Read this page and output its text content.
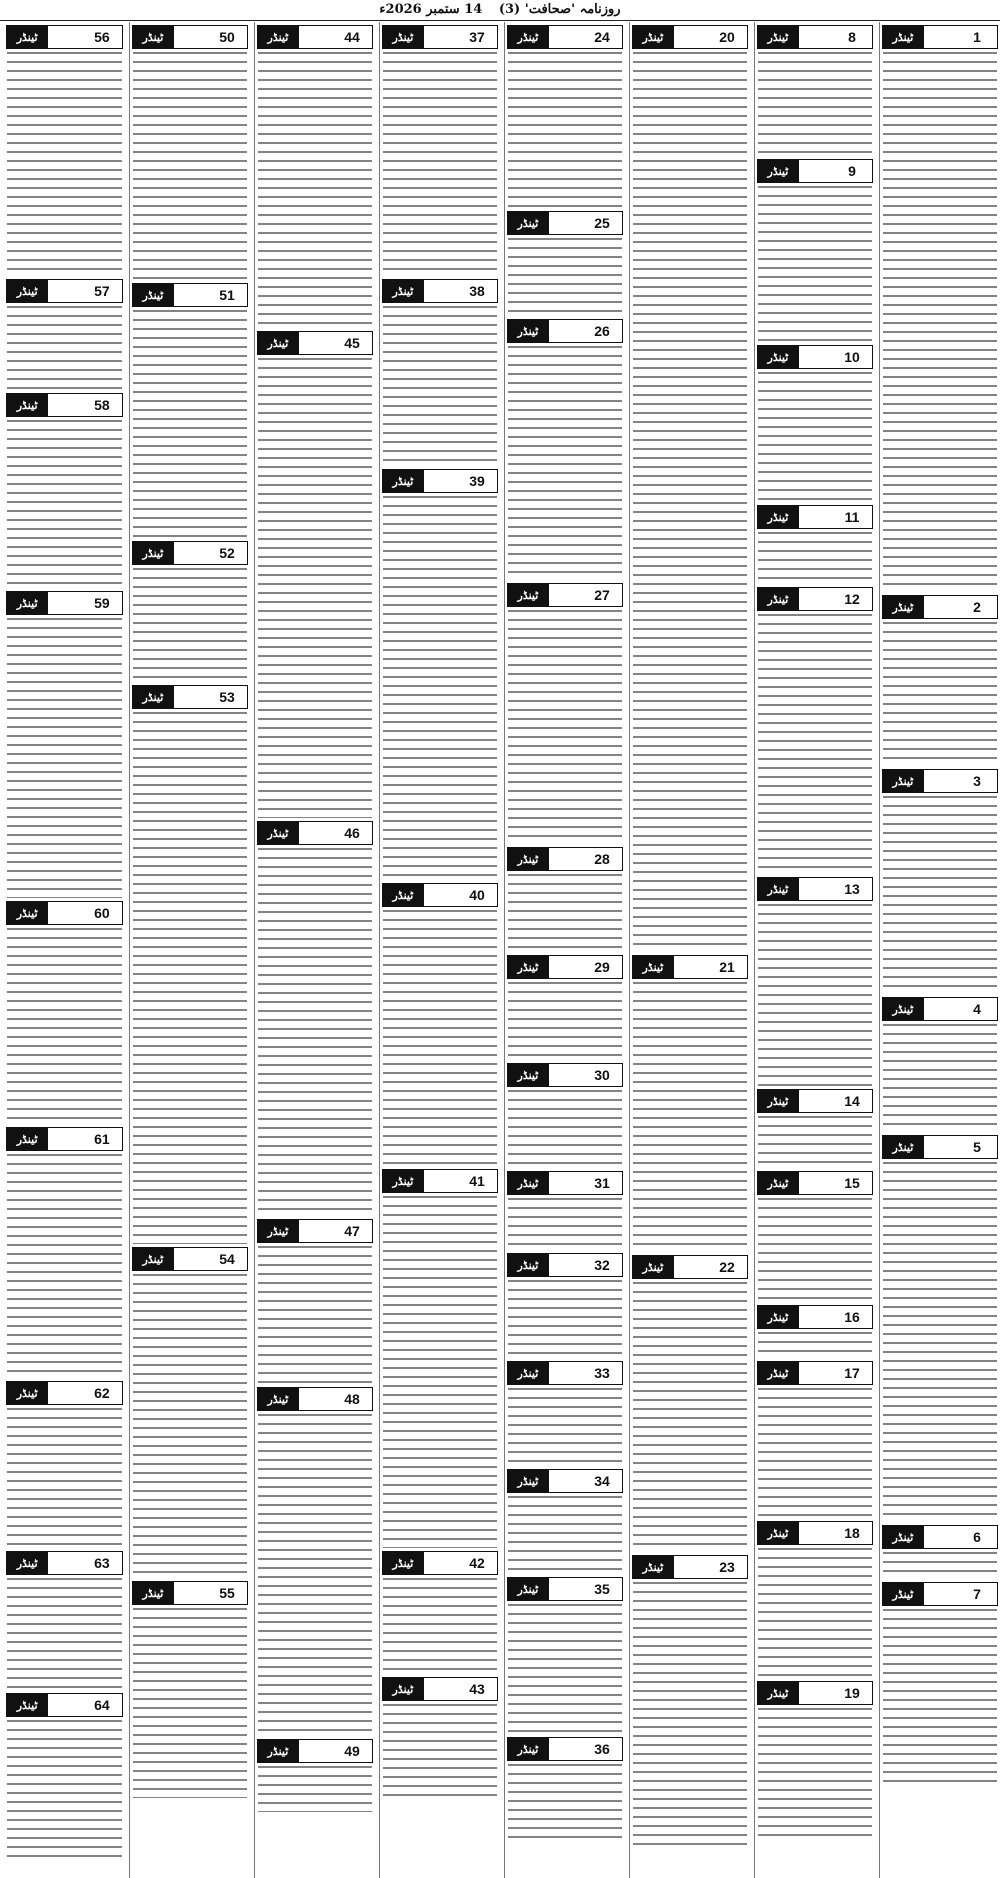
روزنامہ 'صحافت' (3) 14 ستمبر 2026ء
ٹینڈر	1
ٹینڈر	2
ٹینڈر	3
ٹینڈر	4
ٹینڈر	5
ٹینڈر	6
ٹینڈر	7
ٹینڈر	8
ٹینڈر	9
ٹینڈر	10
ٹینڈر	11
ٹینڈر	12
ٹینڈر	13
ٹینڈر	14
ٹینڈر	15
ٹینڈر	16
ٹینڈر	17
ٹینڈر	18
ٹینڈر	19
ٹینڈر	20
ٹینڈر	21
ٹینڈر	22
ٹینڈر	23
ٹینڈر	24
ٹینڈر	25
ٹینڈر	26
ٹینڈر	27
ٹینڈر	28
ٹینڈر	29
ٹینڈر	30
ٹینڈر	31
ٹینڈر	32
ٹینڈر	33
ٹینڈر	34
ٹینڈر	35
ٹینڈر	36
ٹینڈر	37
ٹینڈر	38
ٹینڈر	39
ٹینڈر	40
ٹینڈر	41
ٹینڈر	42
ٹینڈر	43
ٹینڈر	44
ٹینڈر	45
ٹینڈر	46
ٹینڈر	47
ٹینڈر	48
ٹینڈر	49
ٹینڈر	50
ٹینڈر	51
ٹینڈر	52
ٹینڈر	53
ٹینڈر	54
ٹینڈر	55
ٹینڈر	56
ٹینڈر	57
ٹینڈر	58
ٹینڈر	59
ٹینڈر	60
ٹینڈر	61
ٹینڈر	62
ٹینڈر	63
ٹینڈر	64
